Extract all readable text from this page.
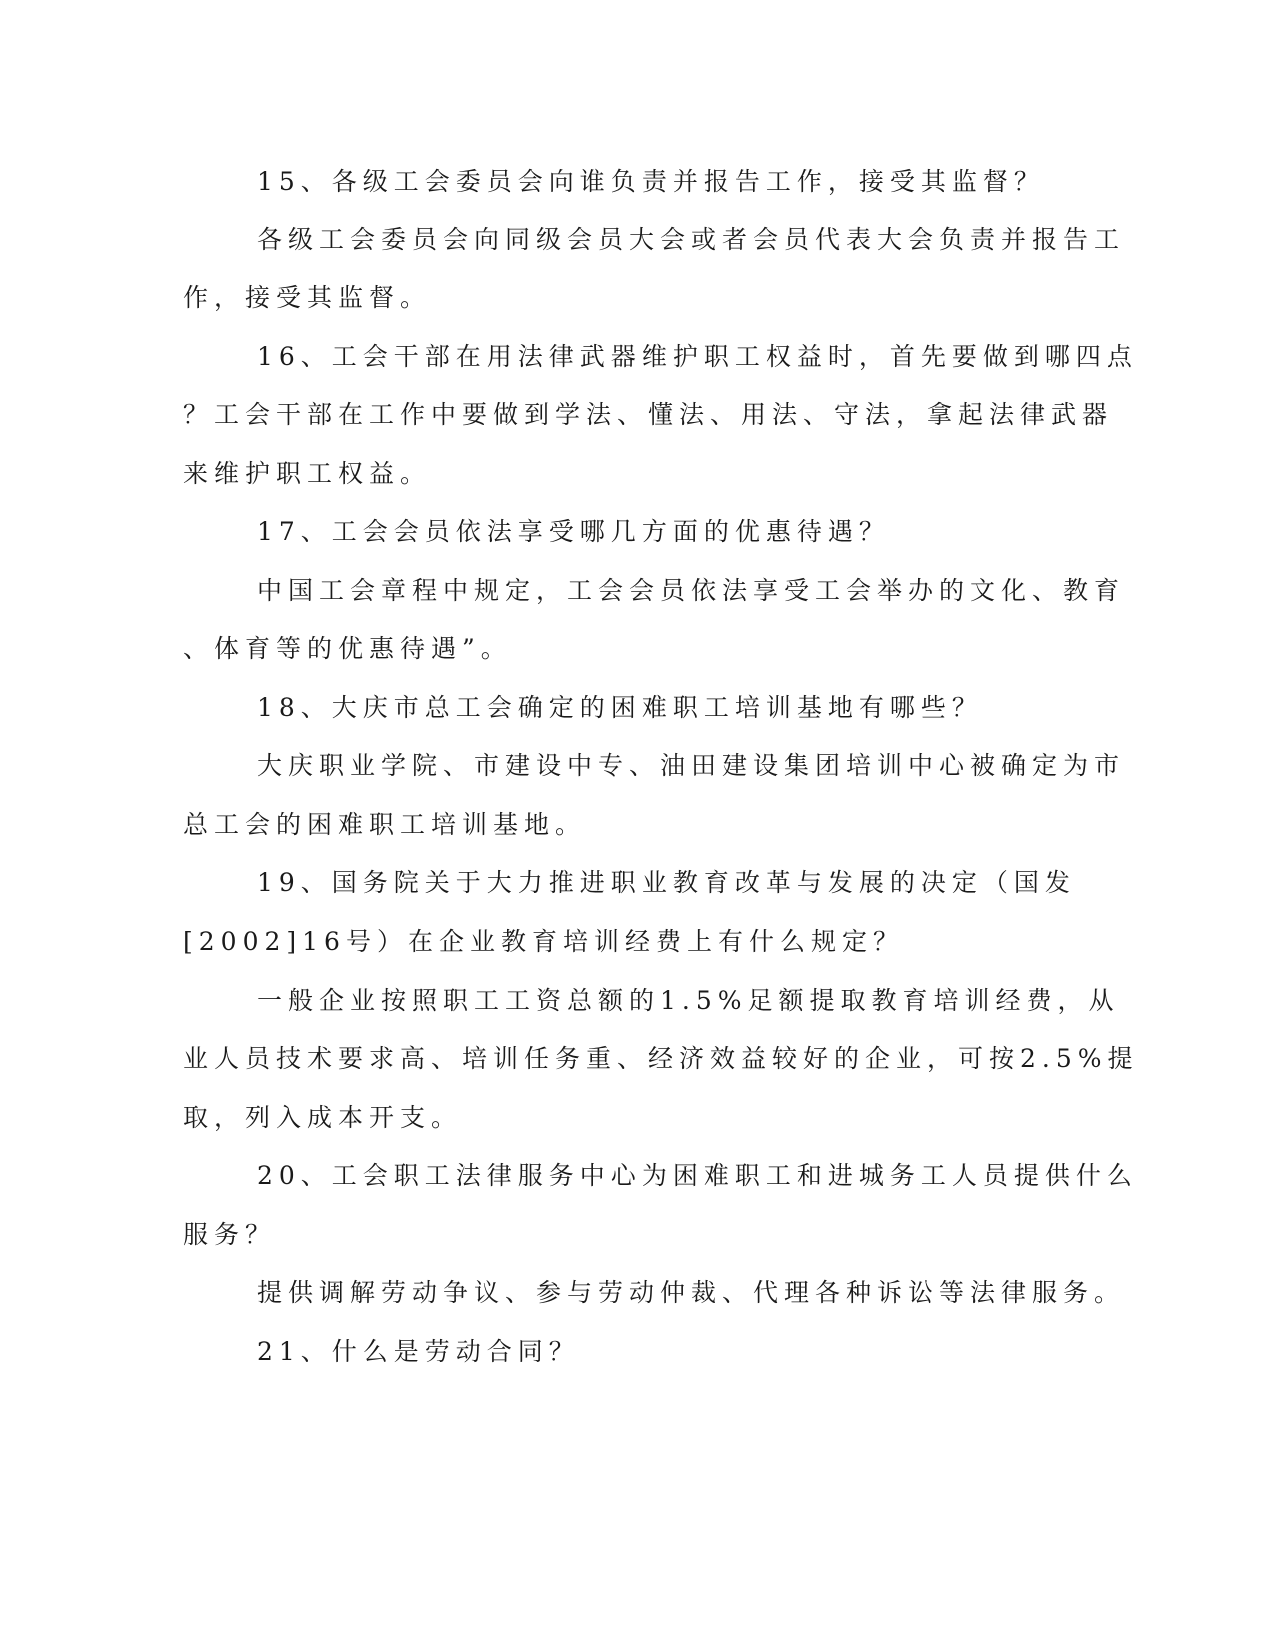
15、各级工会委员会向谁负责并报告工作，接受其监督？
各级工会委员会向同级会员大会或者会员代表大会负责并报告工
作，接受其监督。
16、工会干部在用法律武器维护职工权益时，首先要做到哪四点
？工会干部在工作中要做到学法、懂法、用法、守法，拿起法律武器
来维护职工权益。
17、工会会员依法享受哪几方面的优惠待遇？
中国工会章程中规定，工会会员依法享受工会举办的文化、教育
、体育等的优惠待遇”。
18、大庆市总工会确定的困难职工培训基地有哪些？
大庆职业学院、市建设中专、油田建设集团培训中心被确定为市
总工会的困难职工培训基地。
19、国务院关于大力推进职业教育改革与发展的决定（国发
[2002]16号）在企业教育培训经费上有什么规定？
一般企业按照职工工资总额的1.5%足额提取教育培训经费，从
业人员技术要求高、培训任务重、经济效益较好的企业，可按2.5%提
取，列入成本开支。
20、工会职工法律服务中心为困难职工和进城务工人员提供什么
服务？
提供调解劳动争议、参与劳动仲裁、代理各种诉讼等法律服务。
21、什么是劳动合同？
